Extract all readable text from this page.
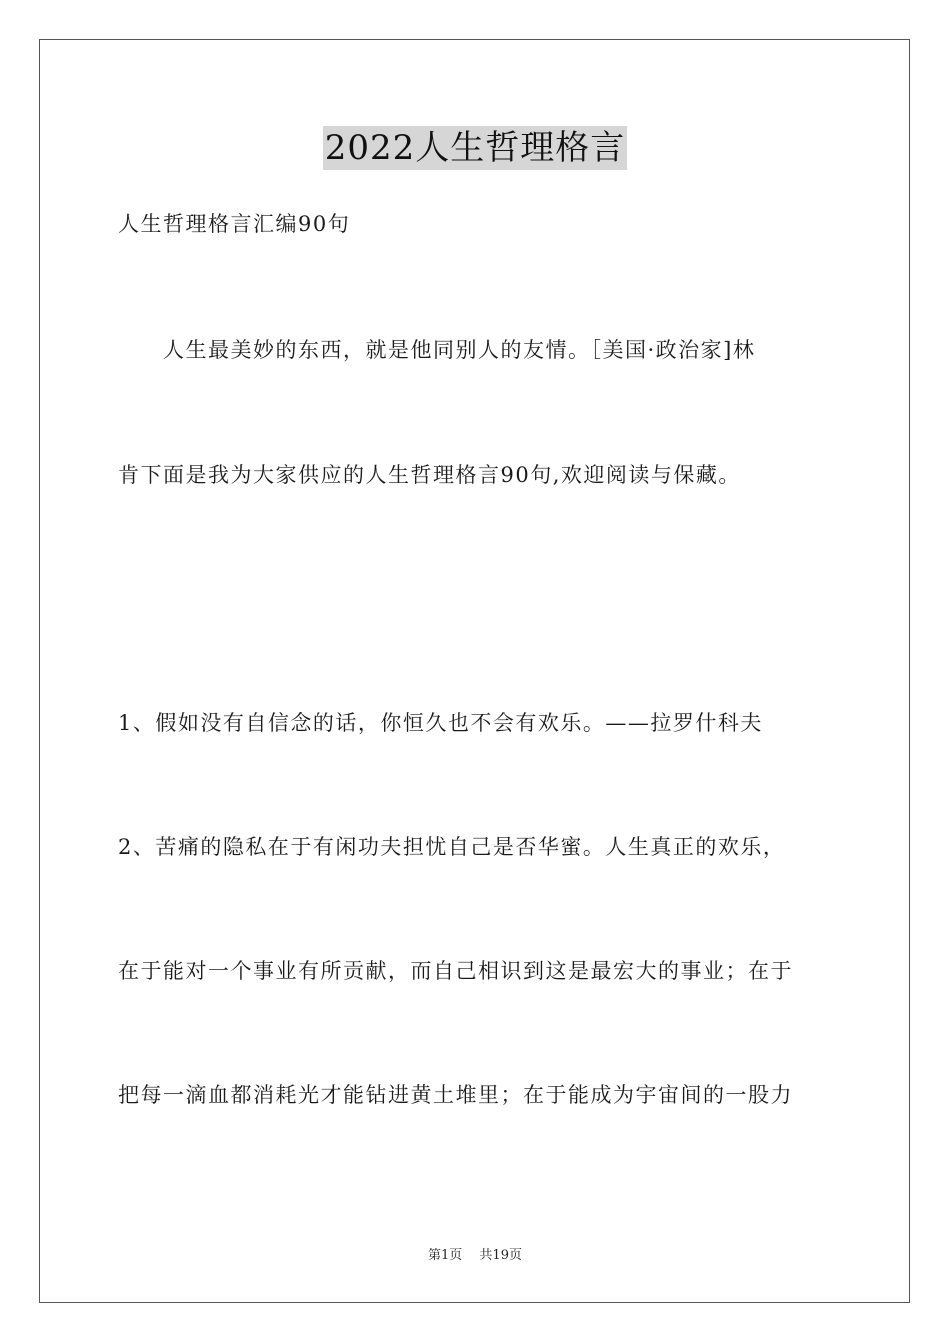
2022人生哲理格言
人生哲理格言汇编90句
　　人生最美妙的东西，就是他同别人的友情。［美国·政治家]林
肯下面是我为大家供应的人生哲理格言90句,欢迎阅读与保藏。
1、假如没有自信念的话，你恒久也不会有欢乐。——拉罗什科夫
2、苦痛的隐私在于有闲功夫担忧自己是否华蜜。人生真正的欢乐，
在于能对一个事业有所贡献，而自己相识到这是最宏大的事业；在于
把每一滴血都消耗光才能钻进黄土堆里；在于能成为宇宙间的一股力
第1页　 共19页
